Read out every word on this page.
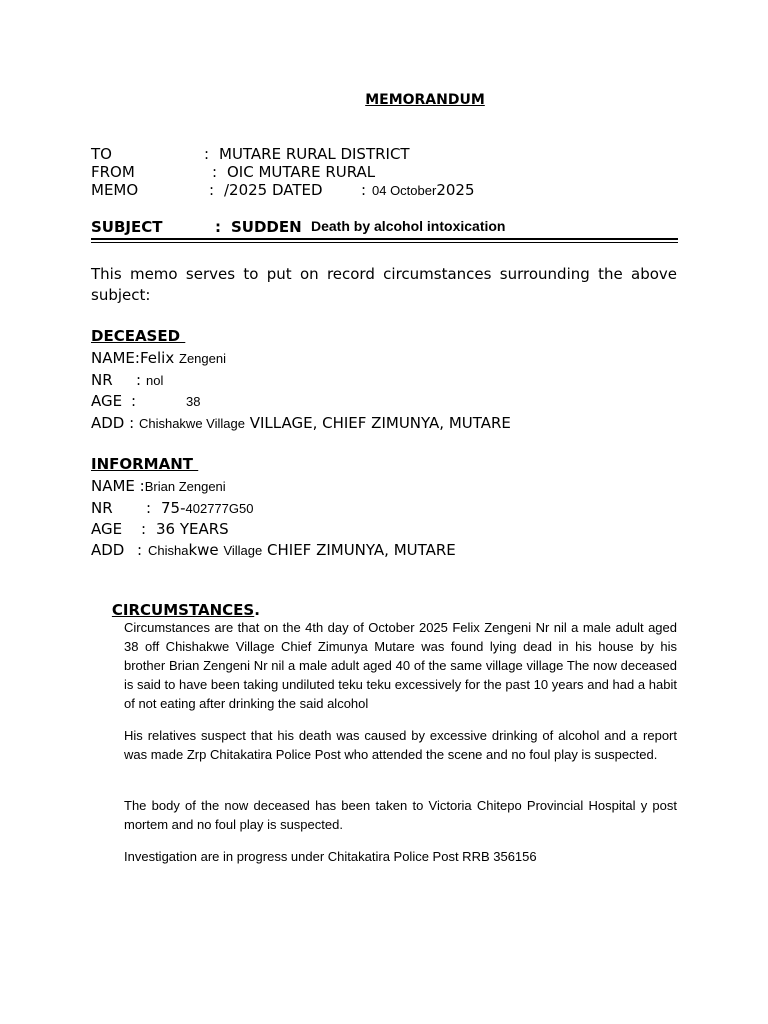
MEMORANDUM
TO	: MUTARE RURAL DISTRICT
FROM	: OIC MUTARE RURAL
MEMO	: /2025 DATED	: 04 October2025
SUBJECT	: SUDDEN Death by alcohol intoxication
This memo serves to put on record circumstances surrounding the above subject:
DECEASED
NAME:Felix Zengeni
NR : nol
AGE :	38
ADD : Chishakwe Village VILLAGE, CHIEF ZIMUNYA, MUTARE
INFORMANT
NAME :Brian Zengeni
NR : 75-402777G50
AGE : 36 YEARS
ADD : Chishakwe Village CHIEF ZIMUNYA, MUTARE

CIRCUMSTANCES.

Circumstances are that on the 4th day of October 2025 Felix Zengeni Nr nil a male adult aged 38 off Chishakwe Village Chief Zimunya Mutare was found lying dead in his house by his brother Brian Zengeni Nr nil a male adult aged 40 of the same village village The now deceased is said to have been taking undiluted teku teku excessively for the past 10 years and had a habit of not eating after drinking the said alcohol

His relatives suspect that his death was caused by excessive drinking of alcohol and a report was made Zrp Chitakatira Police Post who attended the scene and no foul play is suspected.

The body of the now deceased has been taken to Victoria Chitepo Provincial Hospital y post mortem and no foul play is suspected.

Investigation are in progress under Chitakatira Police Post RRB 356156
